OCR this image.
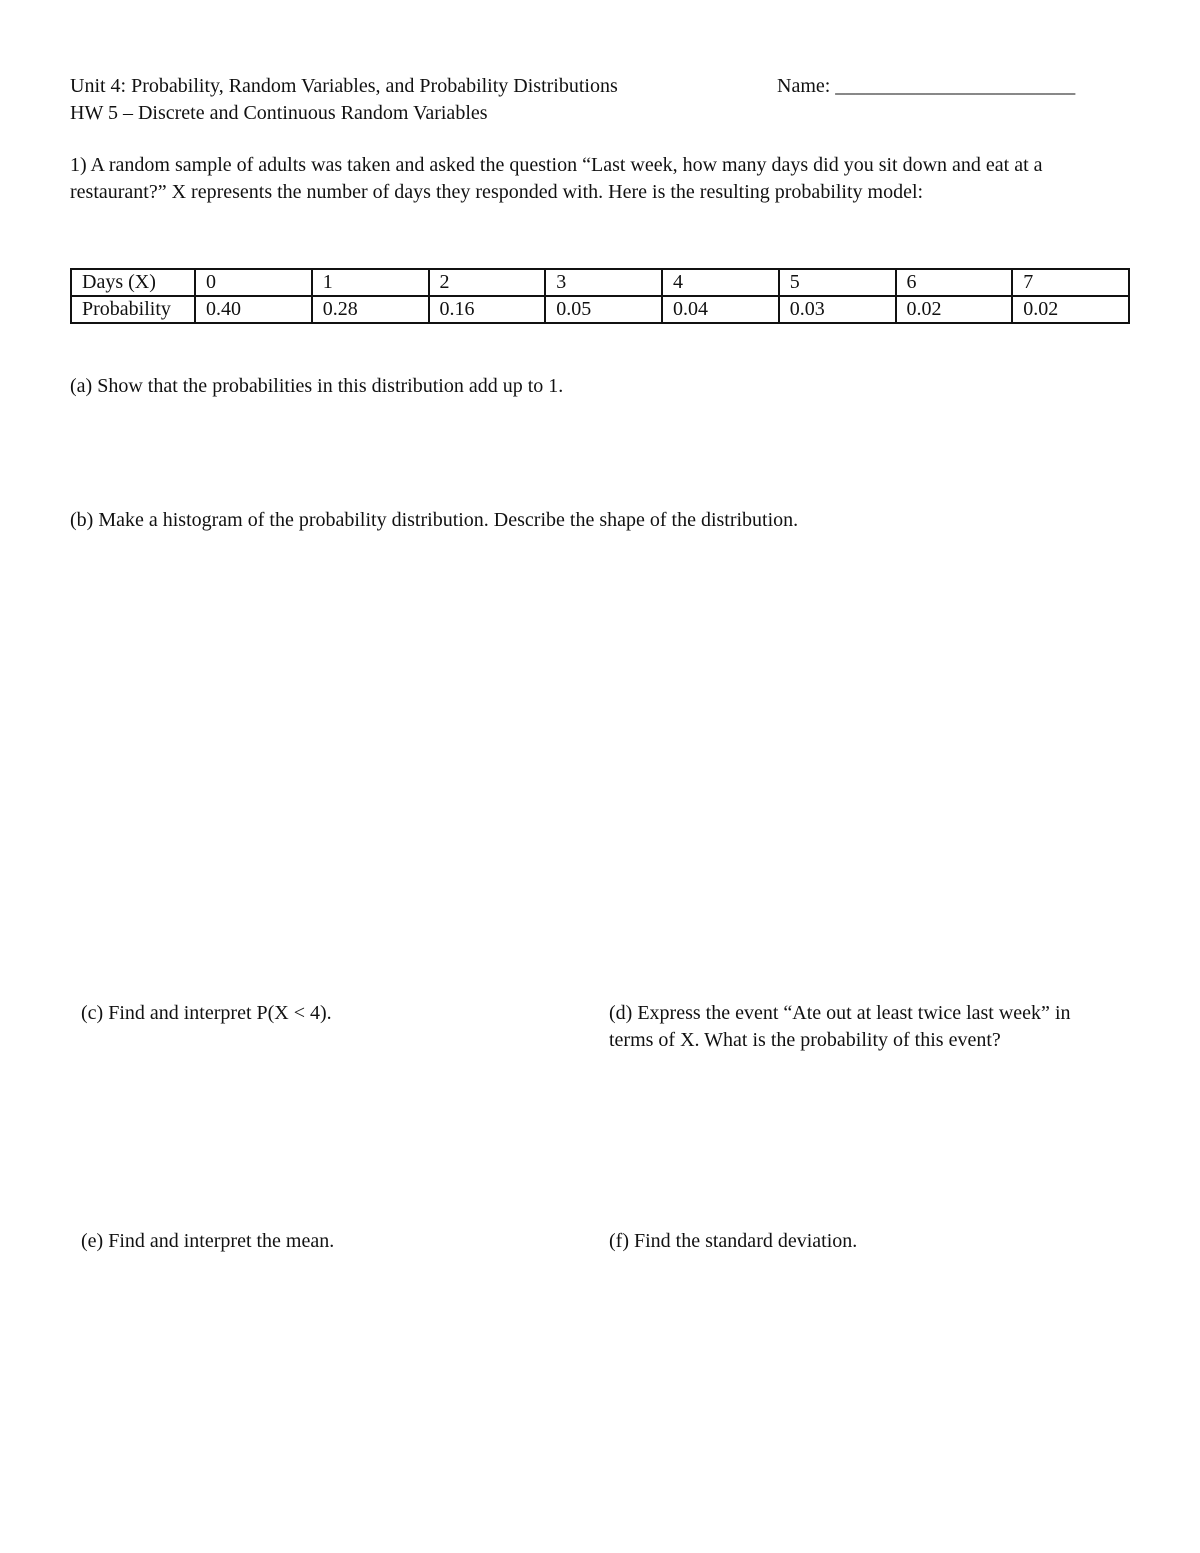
Unit 4: Probability, Random Variables, and Probability Distributions	Name: ________________________
HW 5 – Discrete and Continuous Random Variables
1) A random sample of adults was taken and asked the question “Last week, how many days did you sit down and eat at a restaurant?” X represents the number of days they responded with. Here is the resulting probability model:
Days (X)	0	1	2	3	4	5	6	7
Probability	0.40	0.28	0.16	0.05	0.04	0.03	0.02	0.02
(a) Show that the probabilities in this distribution add up to 1.
(b) Make a histogram of the probability distribution. Describe the shape of the distribution.
(c) Find and interpret P(X < 4).	(d) Express the event “Ate out at least twice last week” in terms of X. What is the probability of this event?
(e) Find and interpret the mean.	(f) Find the standard deviation.
